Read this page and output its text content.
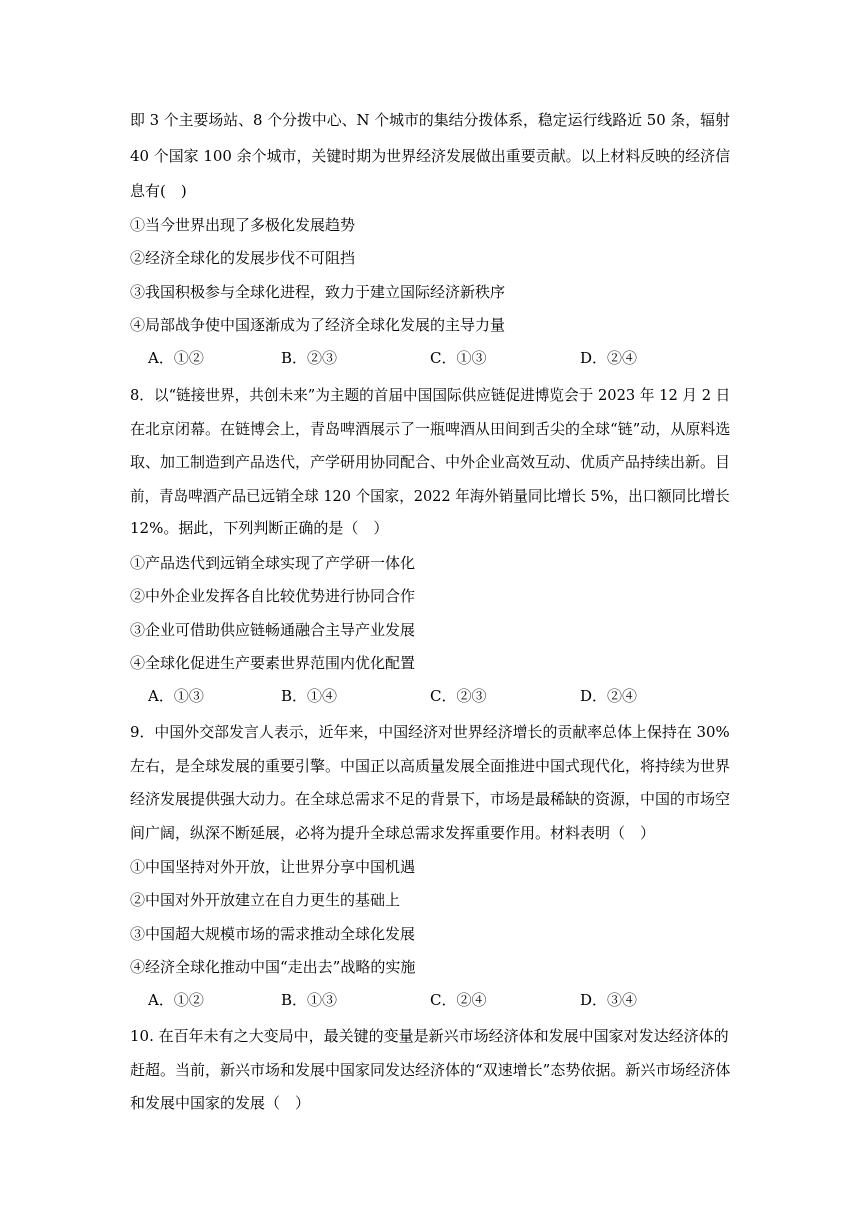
即 3 个主要场站、8 个分拨中心、N 个城市的集结分拨体系，稳定运行线路近 50 条，辐射
40 个国家 100 余个城市，关键时期为世界经济发展做出重要贡献。以上材料反映的经济信
息有(　)
①当今世界出现了多极化发展趋势
②经济全球化的发展步伐不可阻挡
③我国积极参与全球化进程，致力于建立国际经济新秩序
④局部战争使中国逐渐成为了经济全球化发展的主导力量
A．①②	B．②③	C．①③	D．②④
8．以“链接世界，共创未来”为主题的首届中国国际供应链促进博览会于 2023 年 12 月 2 日
在北京闭幕。在链博会上，青岛啤酒展示了一瓶啤酒从田间到舌尖的全球“链”动，从原料选
取、加工制造到产品迭代，产学研用协同配合、中外企业高效互动、优质产品持续出新。目
前，青岛啤酒产品已远销全球 120 个国家，2022 年海外销量同比增长 5%，出口额同比增长
12%。据此，下列判断正确的是（　）
①产品迭代到远销全球实现了产学研一体化
②中外企业发挥各自比较优势进行协同合作
③企业可借助供应链畅通融合主导产业发展
④全球化促进生产要素世界范围内优化配置
A．①③	B．①④	C．②③	D．②④
9．中国外交部发言人表示，近年来，中国经济对世界经济增长的贡献率总体上保持在 30%
左右，是全球发展的重要引擎。中国正以高质量发展全面推进中国式现代化，将持续为世界
经济发展提供强大动力。在全球总需求不足的背景下，市场是最稀缺的资源，中国的市场空
间广阔，纵深不断延展，必将为提升全球总需求发挥重要作用。材料表明（　）
①中国坚持对外开放，让世界分享中国机遇
②中国对外开放建立在自力更生的基础上
③中国超大规模市场的需求推动全球化发展
④经济全球化推动中国“走出去”战略的实施
A．①②	B．①③	C．②④	D．③④
10. 在百年未有之大变局中，最关键的变量是新兴市场经济体和发展中国家对发达经济体的
赶超。当前，新兴市场和发展中国家同发达经济体的“双速增长”态势依据。新兴市场经济体
和发展中国家的发展（　）
